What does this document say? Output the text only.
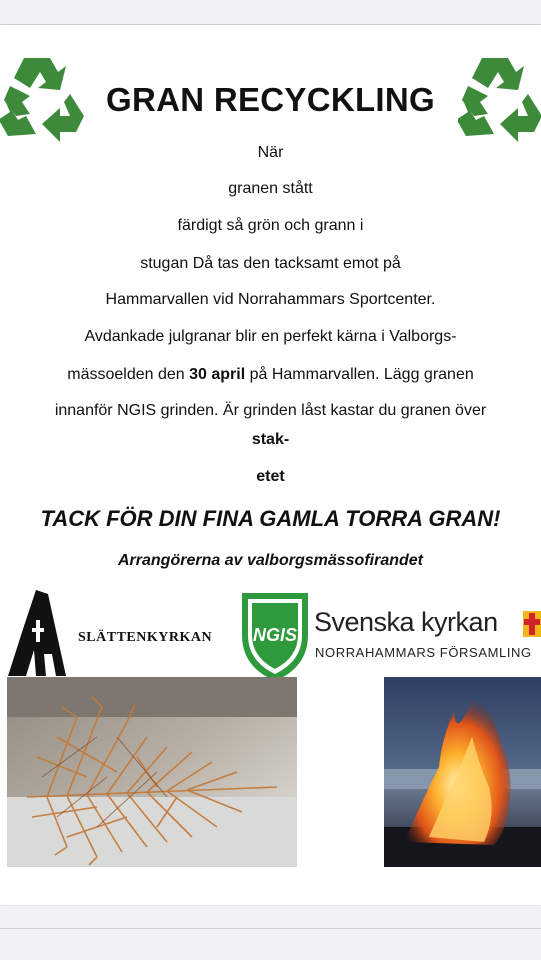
GRAN RECYCKLING
När
granen stått
färdigt så grön och grann i
stugan Då tas den tacksamt emot på
Hammarvallen vid Norrahammars Sportcenter.
Avdankade julgranar blir en perfekt kärna i Valborgs-
mässoelden den 30 april på Hammarvallen. Lägg granen
innanför NGIS grinden. Är grinden låst kastar du granen över
stak-
etet
TACK FÖR DIN FINA GAMLA TORRA GRAN!
Arrangörerna av valborgsmässofirandet
SLÄTTENKYRKAN NGIS Svenska kyrkan
NORRAHAMMARS FÖRSAMLING
